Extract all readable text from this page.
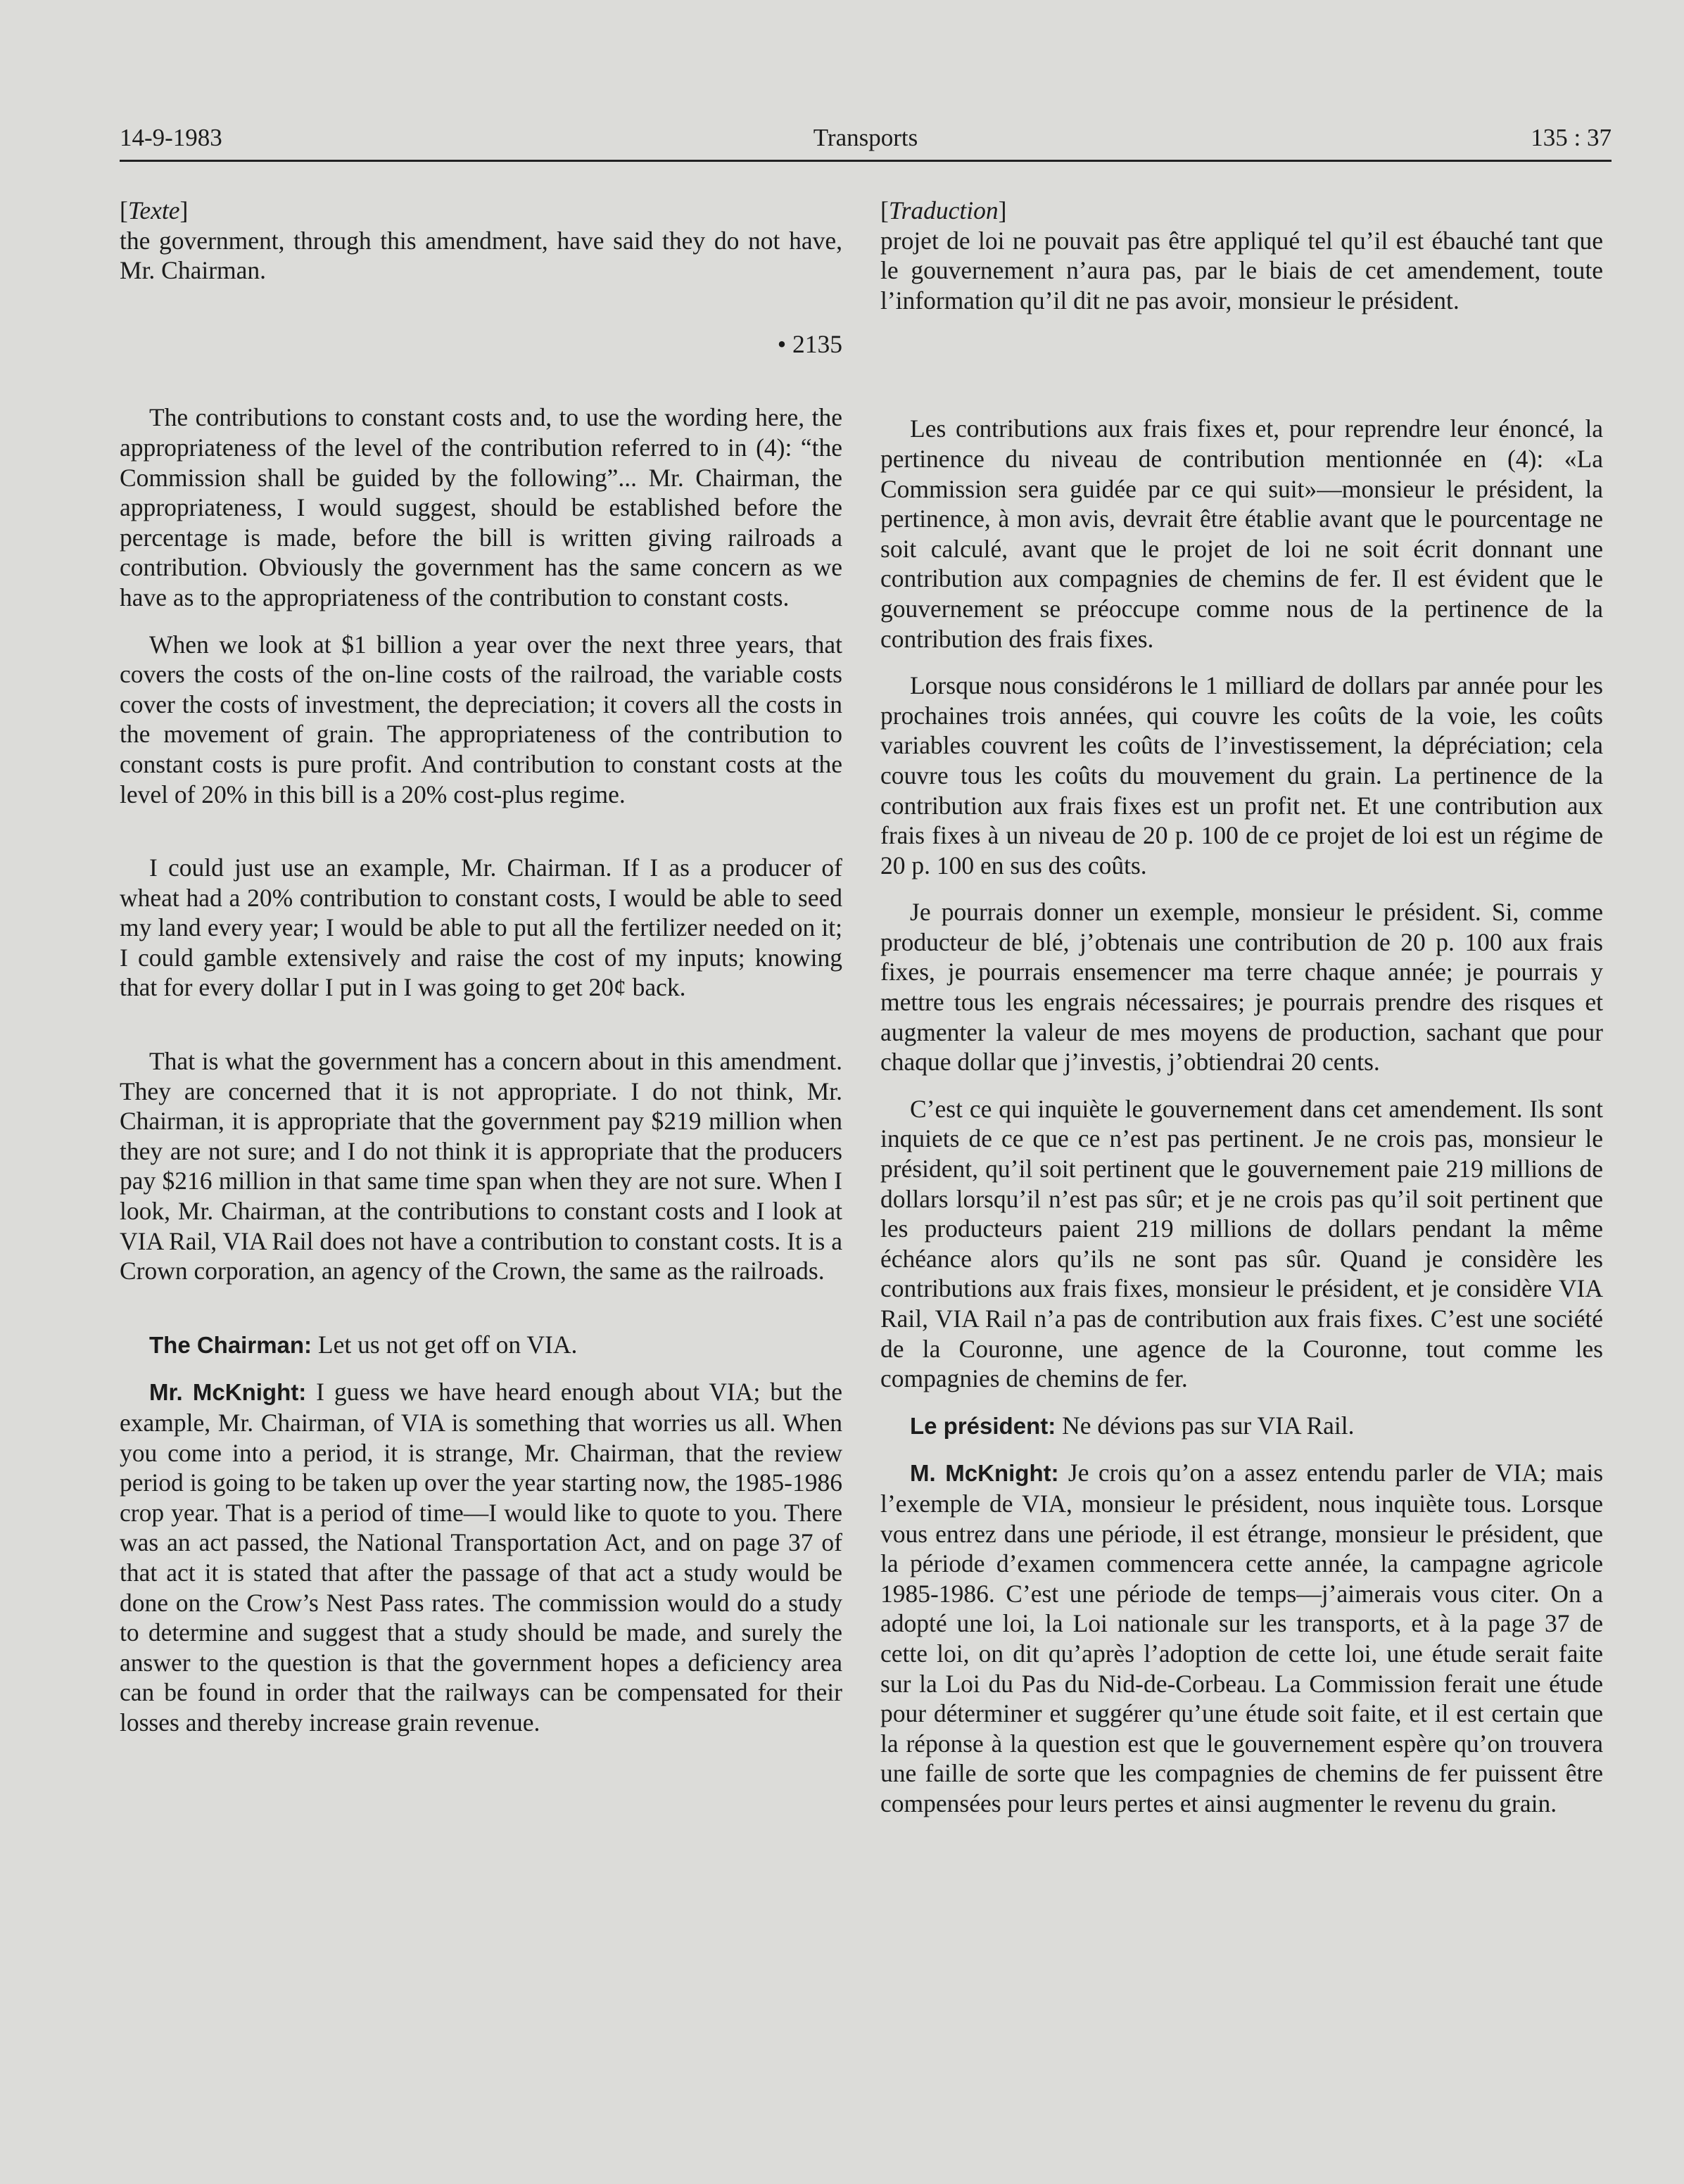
14-9-1983	Transports	135 : 37
[Texte]

the government, through this amendment, have said they do not have, Mr. Chairman.

• 2135

The contributions to constant costs and, to use the wording here, the appropriateness of the level of the contribution referred to in (4): “the Commission shall be guided by the following”... Mr. Chairman, the appropriateness, I would suggest, should be established before the percentage is made, before the bill is written giving railroads a contribution. Obviously the government has the same concern as we have as to the appropriateness of the contribution to constant costs.

When we look at $1 billion a year over the next three years, that covers the costs of the on-line costs of the railroad, the variable costs cover the costs of investment, the depreciation; it covers all the costs in the movement of grain. The appropriateness of the contribution to constant costs is pure profit. And contribution to constant costs at the level of 20% in this bill is a 20% cost-plus regime.

I could just use an example, Mr. Chairman. If I as a producer of wheat had a 20% contribution to constant costs, I would be able to seed my land every year; I would be able to put all the fertilizer needed on it; I could gamble extensively and raise the cost of my inputs; knowing that for every dollar I put in I was going to get 20¢ back.

That is what the government has a concern about in this amendment. They are concerned that it is not appropriate. I do not think, Mr. Chairman, it is appropriate that the government pay $219 million when they are not sure; and I do not think it is appropriate that the producers pay $216 million in that same time span when they are not sure. When I look, Mr. Chairman, at the contributions to constant costs and I look at VIA Rail, VIA Rail does not have a contribution to constant costs. It is a Crown corporation, an agency of the Crown, the same as the railroads.

The Chairman: Let us not get off on VIA.

Mr. McKnight: I guess we have heard enough about VIA; but the example, Mr. Chairman, of VIA is something that worries us all. When you come into a period, it is strange, Mr. Chairman, that the review period is going to be taken up over the year starting now, the 1985-1986 crop year. That is a period of time—I would like to quote to you. There was an act passed, the National Transportation Act, and on page 37 of that act it is stated that after the passage of that act a study would be done on the Crow’s Nest Pass rates. The commission would do a study to determine and suggest that a study should be made, and surely the answer to the question is that the government hopes a deficiency area can be found in order that the railways can be compensated for their losses and thereby increase grain revenue.

[Traduction]

projet de loi ne pouvait pas être appliqué tel qu’il est ébauché tant que le gouvernement n’aura pas, par le biais de cet amendement, toute l’information qu’il dit ne pas avoir, monsieur le président.

Les contributions aux frais fixes et, pour reprendre leur énoncé, la pertinence du niveau de contribution mentionnée en (4): «La Commission sera guidée par ce qui suit»—monsieur le président, la pertinence, à mon avis, devrait être établie avant que le pourcentage ne soit calculé, avant que le projet de loi ne soit écrit donnant une contribution aux compagnies de chemins de fer. Il est évident que le gouvernement se préoccupe comme nous de la pertinence de la contribution des frais fixes.

Lorsque nous considérons le 1 milliard de dollars par année pour les prochaines trois années, qui couvre les coûts de la voie, les coûts variables couvrent les coûts de l’investissement, la dépréciation; cela couvre tous les coûts du mouvement du grain. La pertinence de la contribution aux frais fixes est un profit net. Et une contribution aux frais fixes à un niveau de 20 p. 100 de ce projet de loi est un régime de 20 p. 100 en sus des coûts.

Je pourrais donner un exemple, monsieur le président. Si, comme producteur de blé, j’obtenais une contribution de 20 p. 100 aux frais fixes, je pourrais ensemencer ma terre chaque année; je pourrais y mettre tous les engrais nécessaires; je pourrais prendre des risques et augmenter la valeur de mes moyens de production, sachant que pour chaque dollar que j’investis, j’obtiendrai 20 cents.

C’est ce qui inquiète le gouvernement dans cet amendement. Ils sont inquiets de ce que ce n’est pas pertinent. Je ne crois pas, monsieur le président, qu’il soit pertinent que le gouvernement paie 219 millions de dollars lorsqu’il n’est pas sûr; et je ne crois pas qu’il soit pertinent que les producteurs paient 219 millions de dollars pendant la même échéance alors qu’ils ne sont pas sûr. Quand je considère les contributions aux frais fixes, monsieur le président, et je considère VIA Rail, VIA Rail n’a pas de contribution aux frais fixes. C’est une société de la Couronne, une agence de la Couronne, tout comme les compagnies de chemins de fer.

Le président: Ne dévions pas sur VIA Rail.

M. McKnight: Je crois qu’on a assez entendu parler de VIA; mais l’exemple de VIA, monsieur le président, nous inquiète tous. Lorsque vous entrez dans une période, il est étrange, monsieur le président, que la période d’examen commencera cette année, la campagne agricole 1985-1986. C’est une période de temps—j’aimerais vous citer. On a adopté une loi, la Loi nationale sur les transports, et à la page 37 de cette loi, on dit qu’après l’adoption de cette loi, une étude serait faite sur la Loi du Pas du Nid-de-Corbeau. La Commission ferait une étude pour déterminer et suggérer qu’une étude soit faite, et il est certain que la réponse à la question est que le gouvernement espère qu’on trouvera une faille de sorte que les compagnies de chemins de fer puissent être compensées pour leurs pertes et ainsi augmenter le revenu du grain.
